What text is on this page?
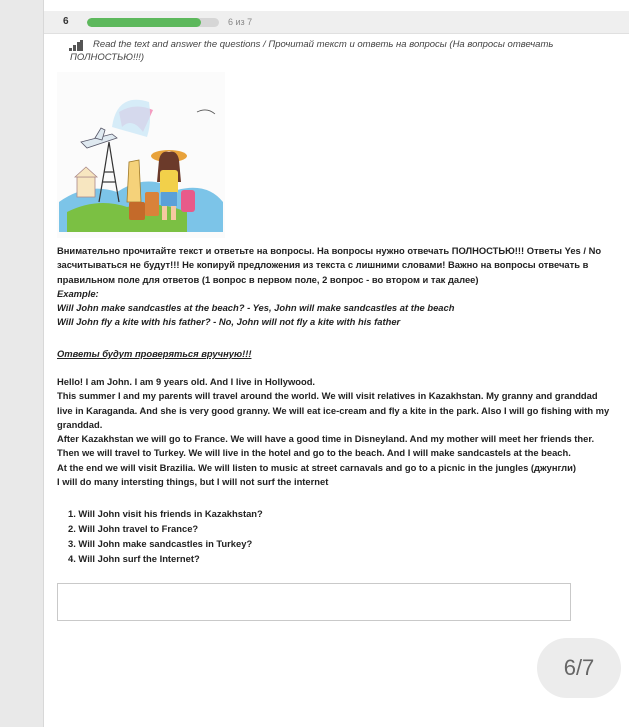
6	6 из 7
Read the text and answer the questions / Прочитай текст и ответь на вопросы (На вопросы отвечать
ПОЛНОСТЬЮ!!!)
Внимательно прочитайте текст и ответьте на вопросы. На вопросы нужно отвечать ПОЛНОСТЬЮ!!! Ответы Yes / No
засчитываться не будут!!! Не копируй предложения из текста с лишними словами! Важно на вопросы отвечать в
правильном поле для ответов (1 вопрос в первом поле, 2 вопрос - во втором и так далее)
Example:
Will John make sandcastles at the beach? - Yes, John will make sandcastles at the beach
Will John fly a kite with his father? - No, John will not fly a kite with his father
Ответы будут проверяться вручную!!!
Hello! I am John. I am 9 years old. And I live in Hollywood.
This summer I and my parents will travel around the world. We will visit relatives in Kazakhstan. My granny and granddad
live in Karaganda. And she is very good granny. We will eat ice-cream and fly a kite in the park. Also I will go fishing with my
granddad.
After Kazakhstan we will go to France. We will have a good time in Disneyland. And my mother will meet her friends ther.
Then we will travel to Turkey. We will live in the hotel and go to the beach. And I will make sandcastels at the beach.
At the end we will visit Brazilia. We will listen to music at street carnavals and go to a picnic in the jungles (джунгли)
I will do many intersting things, but I will not surf the internet
1. Will John visit his friends in Kazakhstan?
2. Will John travel to France?
3. Will John make sandcastles in Turkey?
4. Will John surf the Internet?
6/7
